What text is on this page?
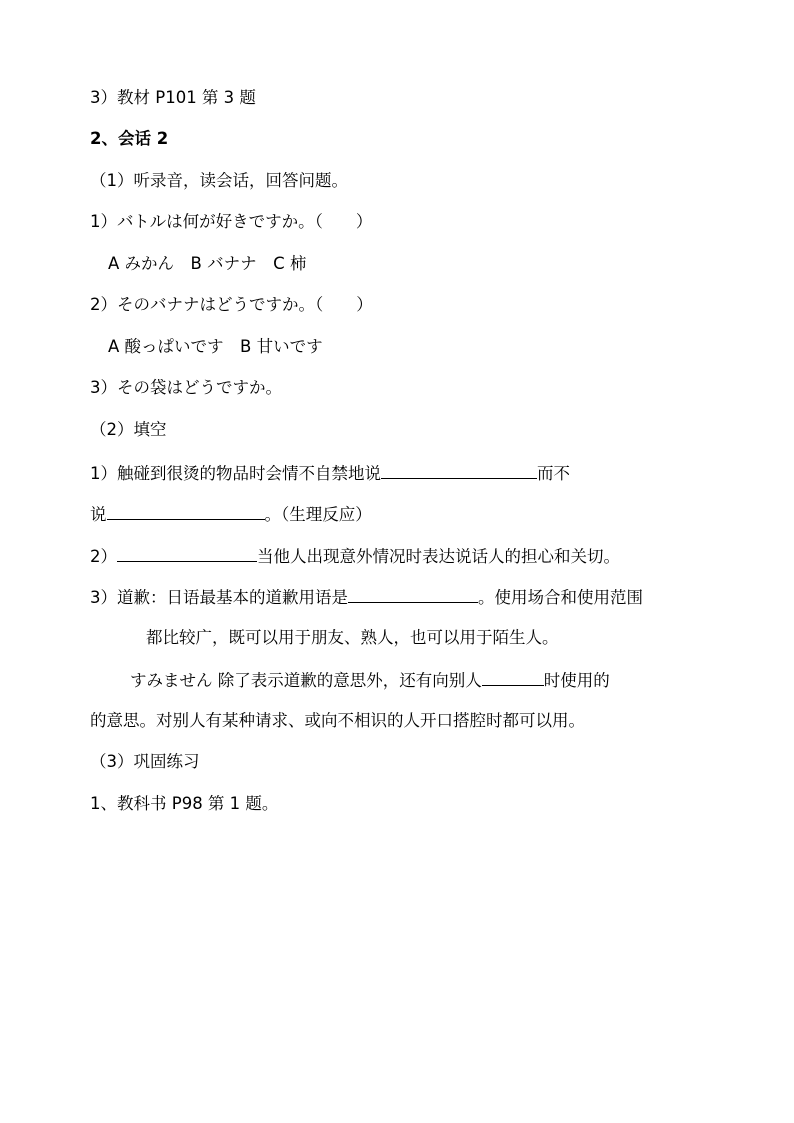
3）教材 P101 第 3 题
2、会话 2
（1）听录音，读会话，回答问题。
1）バトルは何が好きですか。（　　）
A みかん　B バナナ　C 柿
2）そのバナナはどうですか。（　　）
A 酸っぱいです　B 甘いです
3）その袋はどうですか。
（2）填空
1）触碰到很烫的物品时会情不自禁地说	而不
说	。（生理反应）
2）	当他人出现意外情况时表达说话人的担心和关切。
3）道歉：日语最基本的道歉用语是	。使用场合和使用范围
都比较广，既可以用于朋友、熟人，也可以用于陌生人。
すみません 除了表示道歉的意思外，还有向别人	时使用的
的意思。对别人有某种请求、或向不相识的人开口搭腔时都可以用。
（3）巩固练习
1、教科书 P98 第 1 题。
